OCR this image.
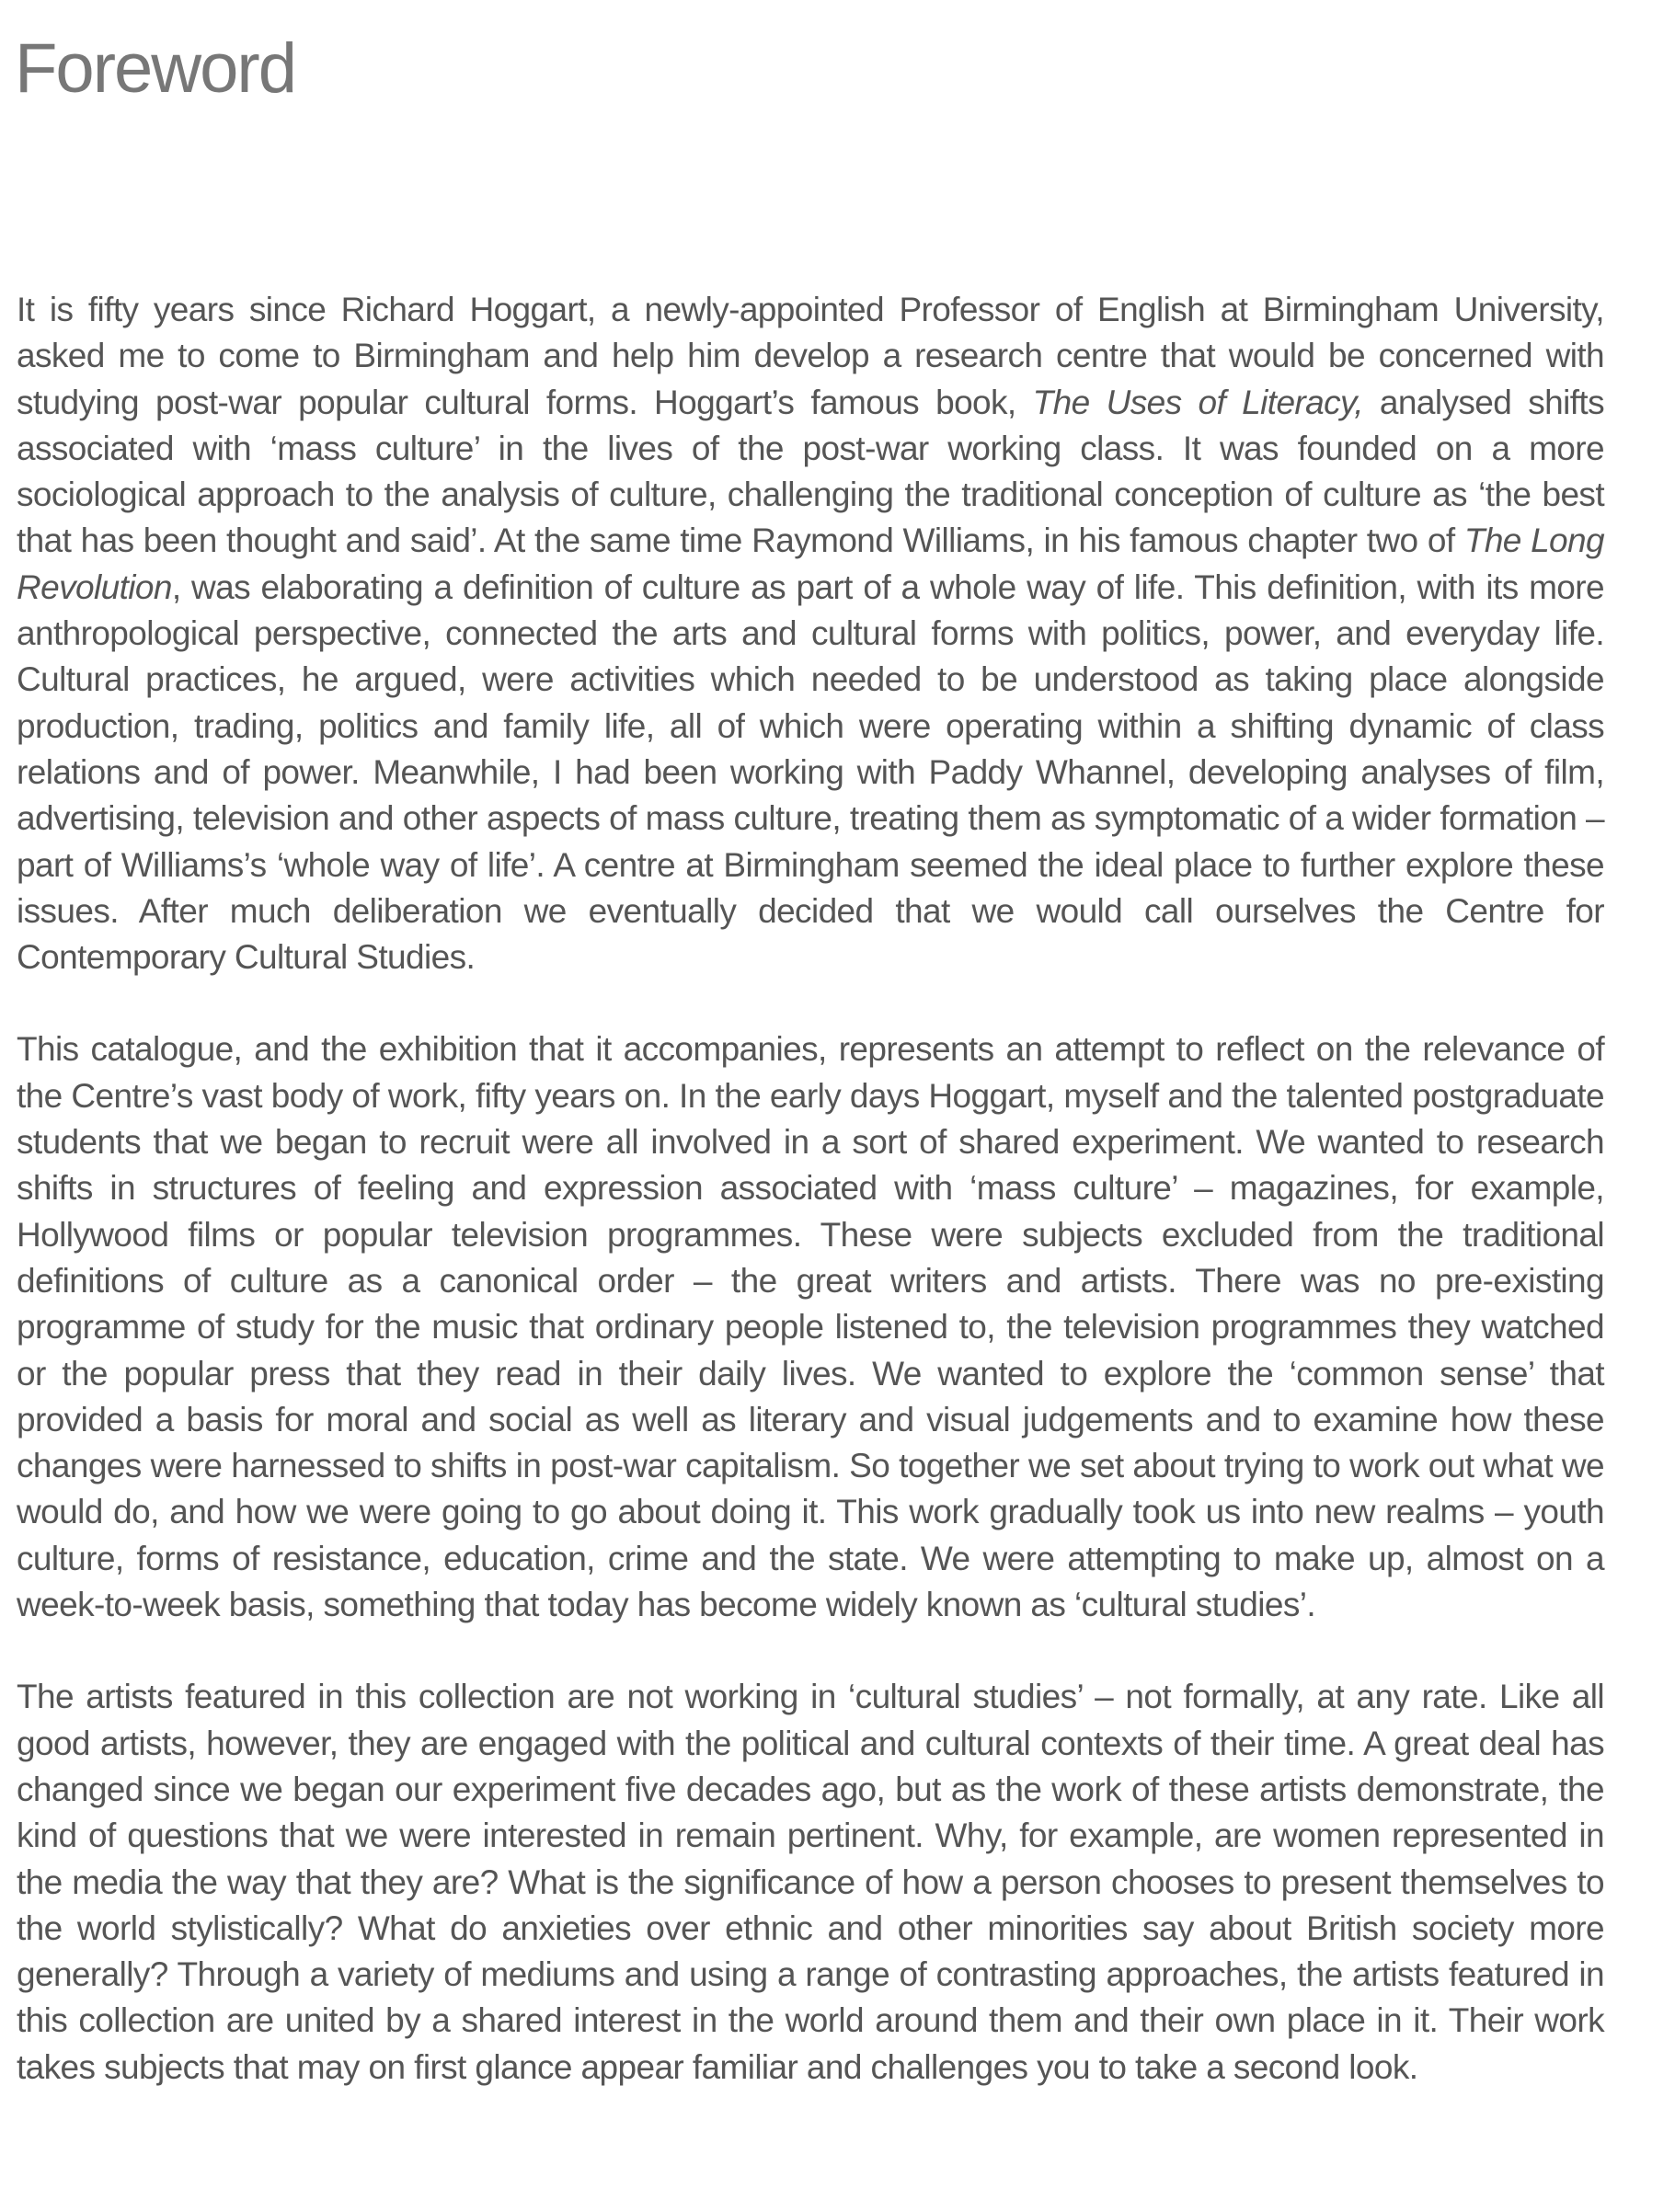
Foreword

It is fifty years since Richard Hoggart, a newly-appointed Professor of English at Birmingham University, asked me to come to Birmingham and help him develop a research centre that would be concerned with studying post-war popular cultural forms. Hoggart’s famous book, The Uses of Literacy, analysed shifts associated with ‘mass culture’ in the lives of the post-war working class. It was founded on a more sociological approach to the analysis of culture, challenging the traditional conception of culture as ‘the best that has been thought and said’. At the same time Raymond Williams, in his famous chapter two of The Long Revolution, was elaborating a definition of culture as part of a whole way of life. This definition, with its more anthropological perspective, connected the arts and cultural forms with politics, power, and everyday life. Cultural practices, he argued, were activities which needed to be understood as taking place alongside production, trading, politics and family life, all of which were operating within a shifting dynamic of class relations and of power. Meanwhile, I had been working with Paddy Whannel, developing analyses of film, advertising, television and other aspects of mass culture, treating them as symptomatic of a wider formation – part of Williams’s ‘whole way of life’. A centre at Birmingham seemed the ideal place to further explore these issues. After much deliberation we eventually decided that we would call ourselves the Centre for Contemporary Cultural Studies.

This catalogue, and the exhibition that it accompanies, represents an attempt to reflect on the relevance of the Centre’s vast body of work, fifty years on. In the early days Hoggart, myself and the talented postgraduate students that we began to recruit were all involved in a sort of shared experiment. We wanted to research shifts in structures of feeling and expression associated with ‘mass culture’ – magazines, for example, Hollywood films or popular television programmes. These were subjects excluded from the traditional definitions of culture as a canonical order – the great writers and artists. There was no pre-existing programme of study for the music that ordinary people listened to, the television programmes they watched or the popular press that they read in their daily lives. We wanted to explore the ‘common sense’ that provided a basis for moral and social as well as literary and visual judgements and to examine how these changes were harnessed to shifts in post-war capitalism. So together we set about trying to work out what we would do, and how we were going to go about doing it. This work gradually took us into new realms – youth culture, forms of resistance, education, crime and the state. We were attempting to make up, almost on a week-to-week basis, something that today has become widely known as ‘cultural studies’.

The artists featured in this collection are not working in ‘cultural studies’ – not formally, at any rate. Like all good artists, however, they are engaged with the political and cultural contexts of their time. A great deal has changed since we began our experiment five decades ago, but as the work of these artists demonstrate, the kind of questions that we were interested in remain pertinent. Why, for example, are women represented in the media the way that they are? What is the significance of how a person chooses to present themselves to the world stylistically? What do anxieties over ethnic and other minorities say about British society more generally? Through a variety of mediums and using a range of contrasting approaches, the artists featured in this collection are united by a shared interest in the world around them and their own place in it. Their work takes subjects that may on first glance appear familiar and challenges you to take a second look.
